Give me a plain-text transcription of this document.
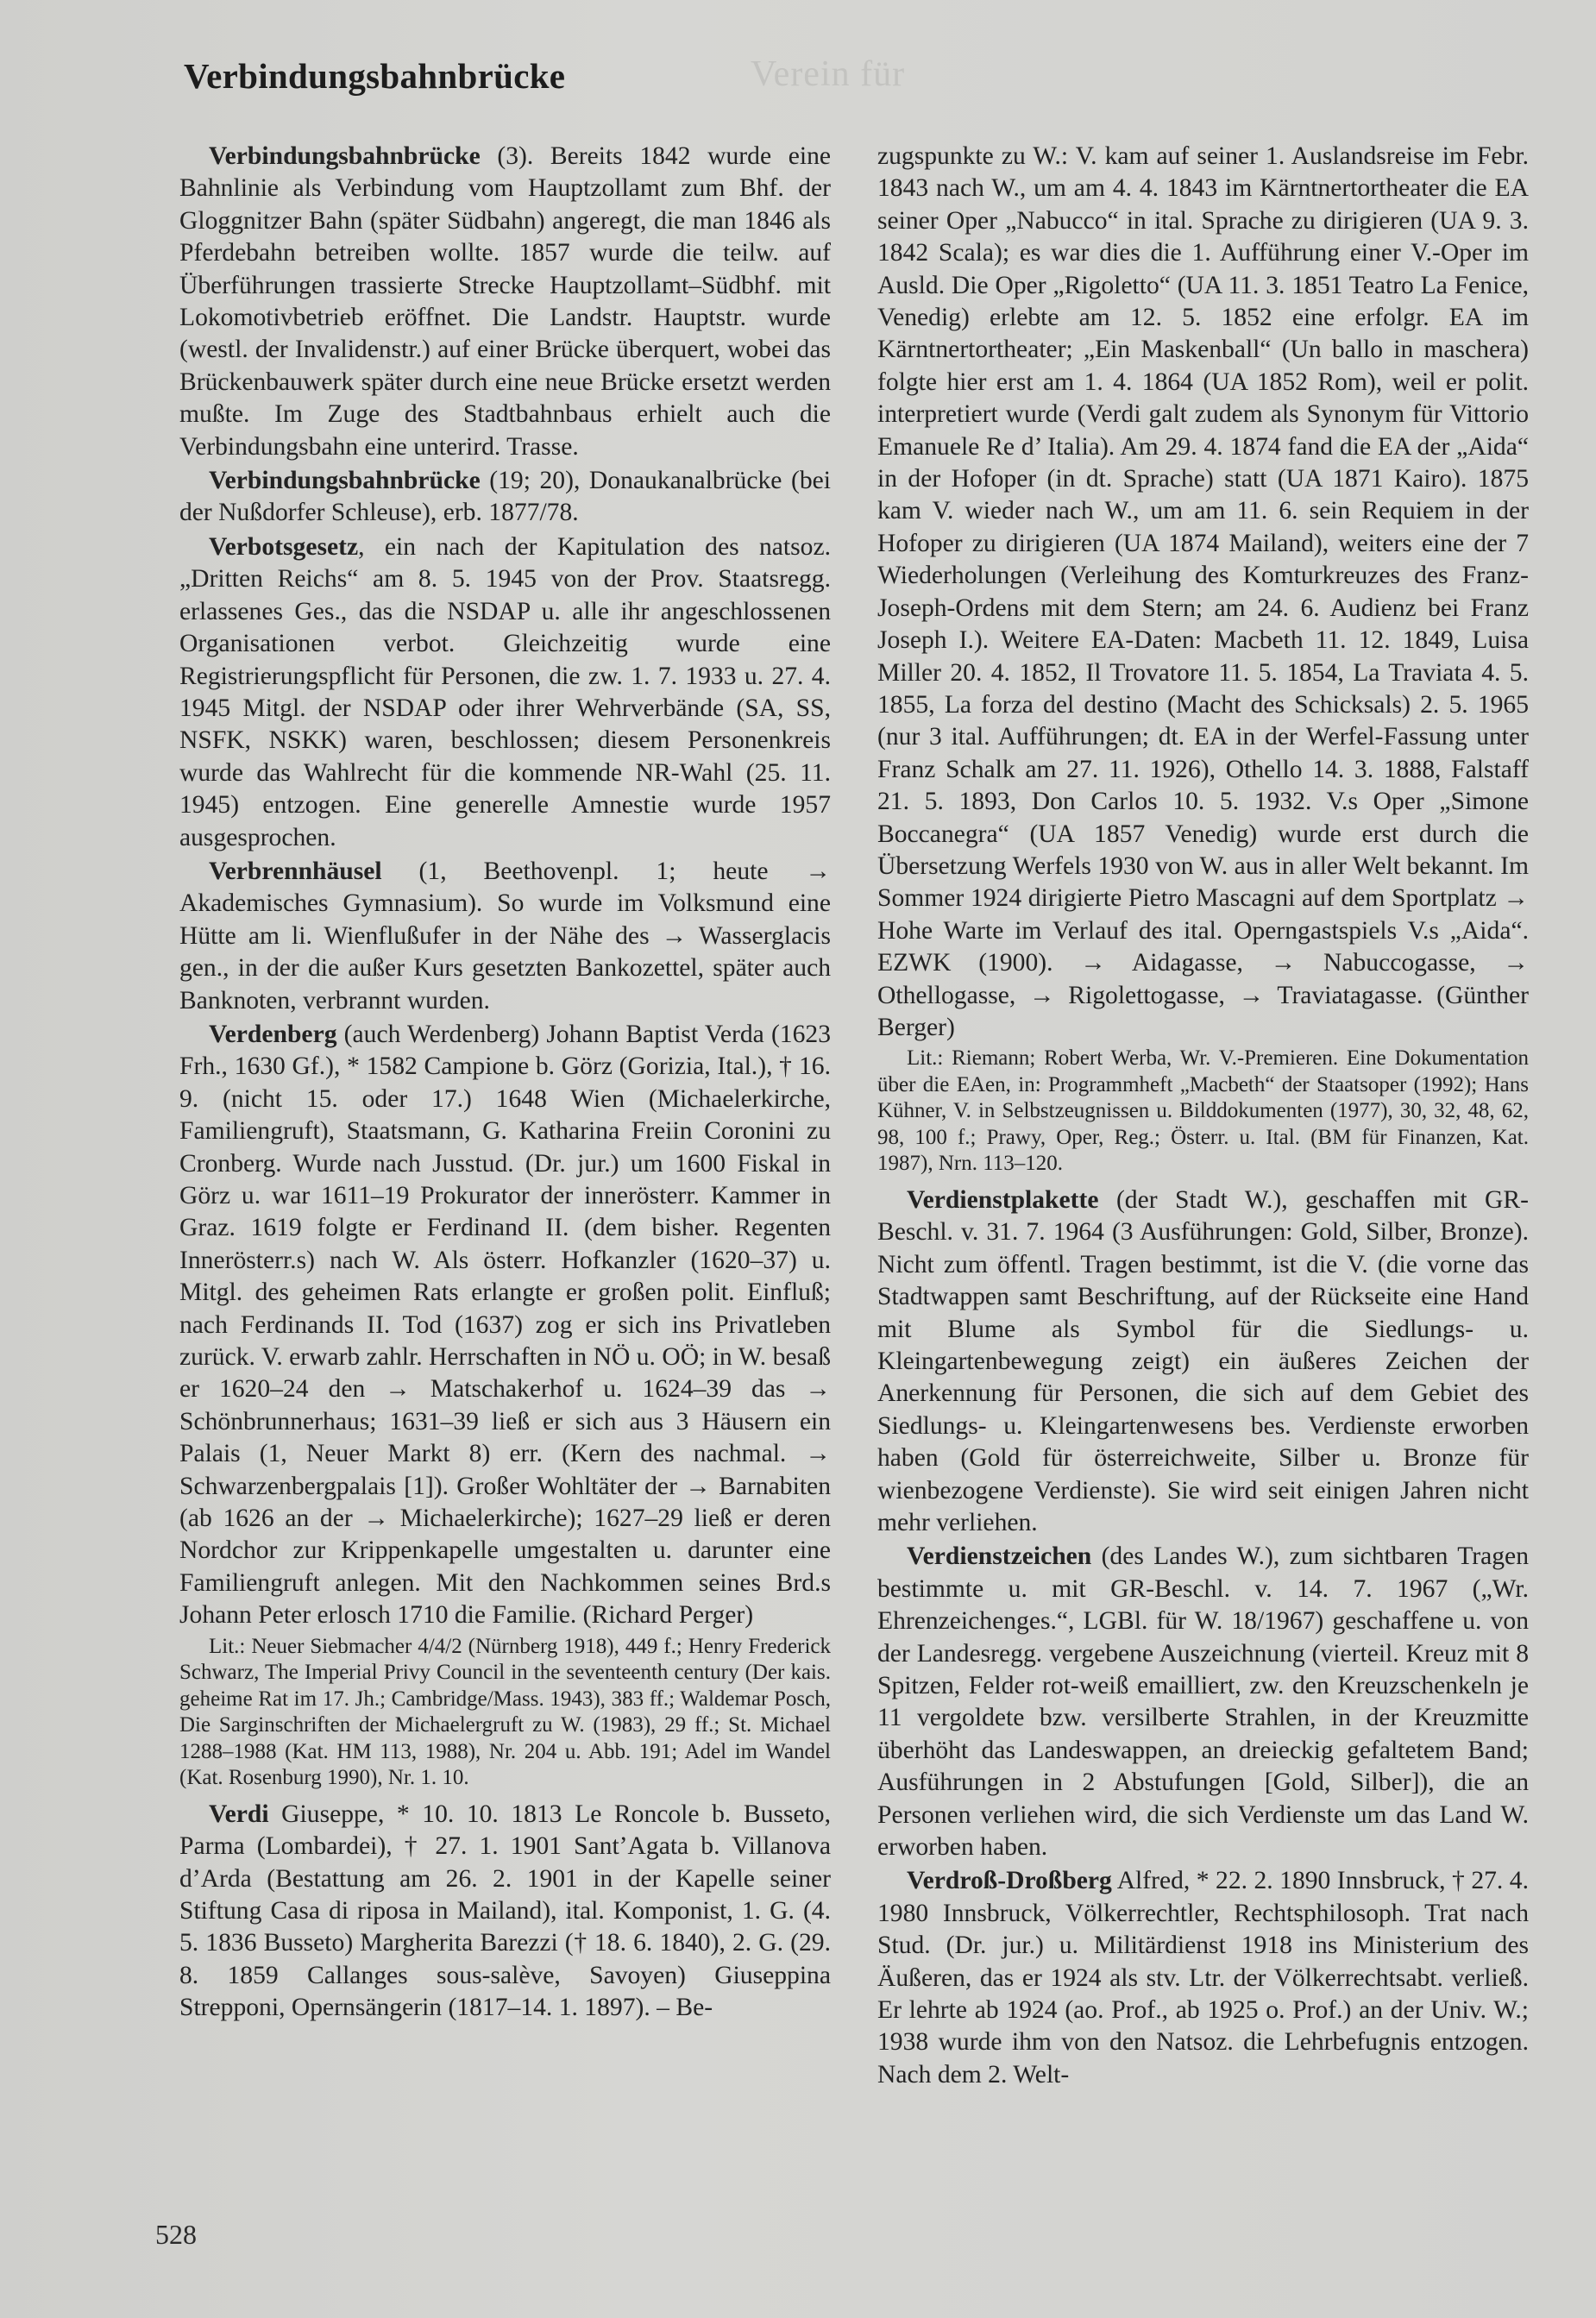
Verein für
Verbindungsbahnbrücke

Verbindungsbahnbrücke (3). Bereits 1842 wurde eine Bahnlinie als Verbindung vom Hauptzollamt zum Bhf. der Gloggnitzer Bahn (später Südbahn) angeregt, die man 1846 als Pferdebahn betreiben wollte. 1857 wurde die teilw. auf Überführungen trassierte Strecke Hauptzollamt–Südbhf. mit Lokomotivbetrieb eröffnet. Die Landstr. Hauptstr. wurde (westl. der Invalidenstr.) auf einer Brücke überquert, wobei das Brückenbauwerk später durch eine neue Brücke ersetzt werden mußte. Im Zuge des Stadtbahnbaus erhielt auch die Verbindungsbahn eine unterird. Trasse.

Verbindungsbahnbrücke (19; 20), Donaukanalbrücke (bei der Nußdorfer Schleuse), erb. 1877/78.

Verbotsgesetz, ein nach der Kapitulation des natsoz. „Dritten Reichs“ am 8. 5. 1945 von der Prov. Staatsregg. erlassenes Ges., das die NSDAP u. alle ihr angeschlossenen Organisationen verbot. Gleichzeitig wurde eine Registrierungspflicht für Personen, die zw. 1. 7. 1933 u. 27. 4. 1945 Mitgl. der NSDAP oder ihrer Wehrverbände (SA, SS, NSFK, NSKK) waren, beschlossen; diesem Personenkreis wurde das Wahlrecht für die kommende NR-Wahl (25. 11. 1945) entzogen. Eine generelle Amnestie wurde 1957 ausgesprochen.

Verbrennhäusel (1, Beethovenpl. 1; heute → Akademisches Gymnasium). So wurde im Volksmund eine Hütte am li. Wienflußufer in der Nähe des → Wasserglacis gen., in der die außer Kurs gesetzten Bankozettel, später auch Banknoten, verbrannt wurden.

Verdenberg (auch Werdenberg) Johann Baptist Verda (1623 Frh., 1630 Gf.), * 1582 Campione b. Görz (Gorizia, Ital.), † 16. 9. (nicht 15. oder 17.) 1648 Wien (Michaelerkirche, Familiengruft), Staatsmann, G. Katharina Freiin Coronini zu Cronberg. Wurde nach Jusstud. (Dr. jur.) um 1600 Fiskal in Görz u. war 1611–19 Prokurator der innerösterr. Kammer in Graz. 1619 folgte er Ferdinand II. (dem bisher. Regenten Innerösterr.s) nach W. Als österr. Hofkanzler (1620–37) u. Mitgl. des geheimen Rats erlangte er großen polit. Einfluß; nach Ferdinands II. Tod (1637) zog er sich ins Privatleben zurück. V. erwarb zahlr. Herrschaften in NÖ u. OÖ; in W. besaß er 1620–24 den → Matschakerhof u. 1624–39 das → Schönbrunnerhaus; 1631–39 ließ er sich aus 3 Häusern ein Palais (1, Neuer Markt 8) err. (Kern des nachmal. → Schwarzenbergpalais [1]). Großer Wohltäter der → Barnabiten (ab 1626 an der → Michaelerkirche); 1627–29 ließ er deren Nordchor zur Krippenkapelle umgestalten u. darunter eine Familiengruft anlegen. Mit den Nachkommen seines Brd.s Johann Peter erlosch 1710 die Familie. (Richard Perger)

Lit.: Neuer Siebmacher 4/4/2 (Nürnberg 1918), 449 f.; Henry Frederick Schwarz, The Imperial Privy Council in the seventeenth century (Der kais. geheime Rat im 17. Jh.; Cambridge/Mass. 1943), 383 ff.; Waldemar Posch, Die Sarginschriften der Michaelergruft zu W. (1983), 29 ff.; St. Michael 1288–1988 (Kat. HM 113, 1988), Nr. 204 u. Abb. 191; Adel im Wandel (Kat. Rosenburg 1990), Nr. 1. 10.

Verdi Giuseppe, * 10. 10. 1813 Le Roncole b. Busseto, Parma (Lombardei), † 27. 1. 1901 Sant’Agata b. Villanova d’Arda (Bestattung am 26. 2. 1901 in der Kapelle seiner Stiftung Casa di riposa in Mailand), ital. Komponist, 1. G. (4. 5. 1836 Busseto) Margherita Barezzi († 18. 6. 1840), 2. G. (29. 8. 1859 Callanges sous-salève, Savoyen) Giuseppina Strepponi, Opernsängerin (1817–14. 1. 1897). – Be-

zugspunkte zu W.: V. kam auf seiner 1. Auslandsreise im Febr. 1843 nach W., um am 4. 4. 1843 im Kärntnertortheater die EA seiner Oper „Nabucco“ in ital. Sprache zu dirigieren (UA 9. 3. 1842 Scala); es war dies die 1. Aufführung einer V.-Oper im Ausld. Die Oper „Rigoletto“ (UA 11. 3. 1851 Teatro La Fenice, Venedig) erlebte am 12. 5. 1852 eine erfolgr. EA im Kärntnertortheater; „Ein Maskenball“ (Un ballo in maschera) folgte hier erst am 1. 4. 1864 (UA 1852 Rom), weil er polit. interpretiert wurde (Verdi galt zudem als Synonym für Vittorio Emanuele Re d’ Italia). Am 29. 4. 1874 fand die EA der „Aida“ in der Hofoper (in dt. Sprache) statt (UA 1871 Kairo). 1875 kam V. wieder nach W., um am 11. 6. sein Requiem in der Hofoper zu dirigieren (UA 1874 Mailand), weiters eine der 7 Wiederholungen (Verleihung des Komturkreuzes des Franz-Joseph-Ordens mit dem Stern; am 24. 6. Audienz bei Franz Joseph I.). Weitere EA-Daten: Macbeth 11. 12. 1849, Luisa Miller 20. 4. 1852, Il Trovatore 11. 5. 1854, La Traviata 4. 5. 1855, La forza del destino (Macht des Schicksals) 2. 5. 1965 (nur 3 ital. Aufführungen; dt. EA in der Werfel-Fassung unter Franz Schalk am 27. 11. 1926), Othello 14. 3. 1888, Falstaff 21. 5. 1893, Don Carlos 10. 5. 1932. V.s Oper „Simone Boccanegra“ (UA 1857 Venedig) wurde erst durch die Übersetzung Werfels 1930 von W. aus in aller Welt bekannt. Im Sommer 1924 dirigierte Pietro Mascagni auf dem Sportplatz → Hohe Warte im Verlauf des ital. Operngastspiels V.s „Aida“. EZWK (1900). → Aidagasse, → Nabuccogasse, → Othellogasse, → Rigolettogasse, → Traviatagasse. (Günther Berger)

Lit.: Riemann; Robert Werba, Wr. V.-Premieren. Eine Dokumentation über die EAen, in: Programmheft „Macbeth“ der Staatsoper (1992); Hans Kühner, V. in Selbstzeugnissen u. Bilddokumenten (1977), 30, 32, 48, 62, 98, 100 f.; Prawy, Oper, Reg.; Österr. u. Ital. (BM für Finanzen, Kat. 1987), Nrn. 113–120.

Verdienstplakette (der Stadt W.), geschaffen mit GR-Beschl. v. 31. 7. 1964 (3 Ausführungen: Gold, Silber, Bronze). Nicht zum öffentl. Tragen bestimmt, ist die V. (die vorne das Stadtwappen samt Beschriftung, auf der Rückseite eine Hand mit Blume als Symbol für die Siedlungs- u. Kleingartenbewegung zeigt) ein äußeres Zeichen der Anerkennung für Personen, die sich auf dem Gebiet des Siedlungs- u. Kleingartenwesens bes. Verdienste erworben haben (Gold für österreichweite, Silber u. Bronze für wienbezogene Verdienste). Sie wird seit einigen Jahren nicht mehr verliehen.

Verdienstzeichen (des Landes W.), zum sichtbaren Tragen bestimmte u. mit GR-Beschl. v. 14. 7. 1967 („Wr. Ehrenzeichenges.“, LGBl. für W. 18/1967) geschaffene u. von der Landesregg. vergebene Auszeichnung (vierteil. Kreuz mit 8 Spitzen, Felder rot-weiß emailliert, zw. den Kreuzschenkeln je 11 vergoldete bzw. versilberte Strahlen, in der Kreuzmitte überhöht das Landeswappen, an dreieckig gefaltetem Band; Ausführungen in 2 Abstufungen [Gold, Silber]), die an Personen verliehen wird, die sich Verdienste um das Land W. erworben haben.

Verdroß-Droßberg Alfred, * 22. 2. 1890 Innsbruck, † 27. 4. 1980 Innsbruck, Völkerrechtler, Rechtsphilosoph. Trat nach Stud. (Dr. jur.) u. Militärdienst 1918 ins Ministerium des Äußeren, das er 1924 als stv. Ltr. der Völkerrechtsabt. verließ. Er lehrte ab 1924 (ao. Prof., ab 1925 o. Prof.) an der Univ. W.; 1938 wurde ihm von den Natsoz. die Lehrbefugnis entzogen. Nach dem 2. Welt-

528
